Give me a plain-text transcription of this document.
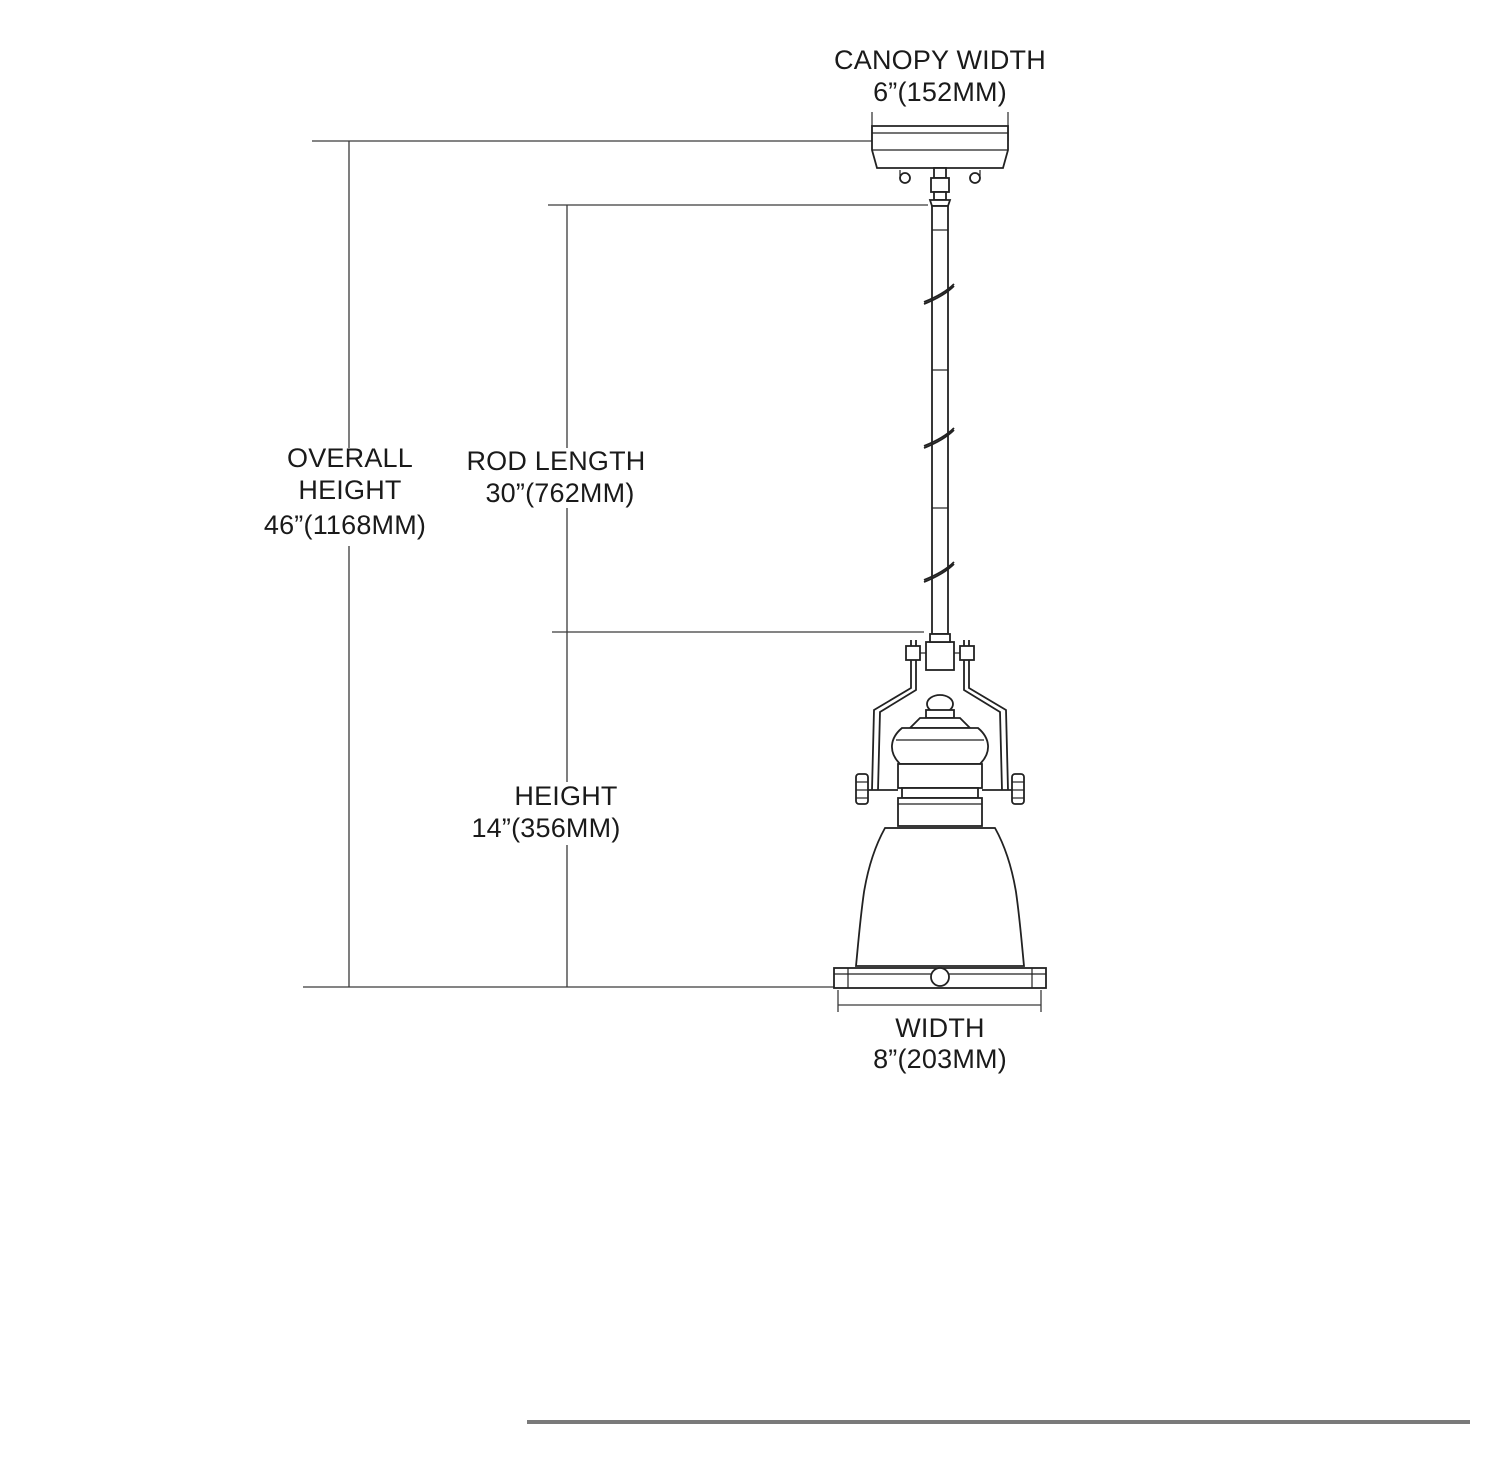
CANOPY WIDTH
6”(152MM)
OVERALL
HEIGHT
46”(1168MM)
ROD LENGTH
30”(762MM)
HEIGHT
14”(356MM)
WIDTH
8”(203MM)
